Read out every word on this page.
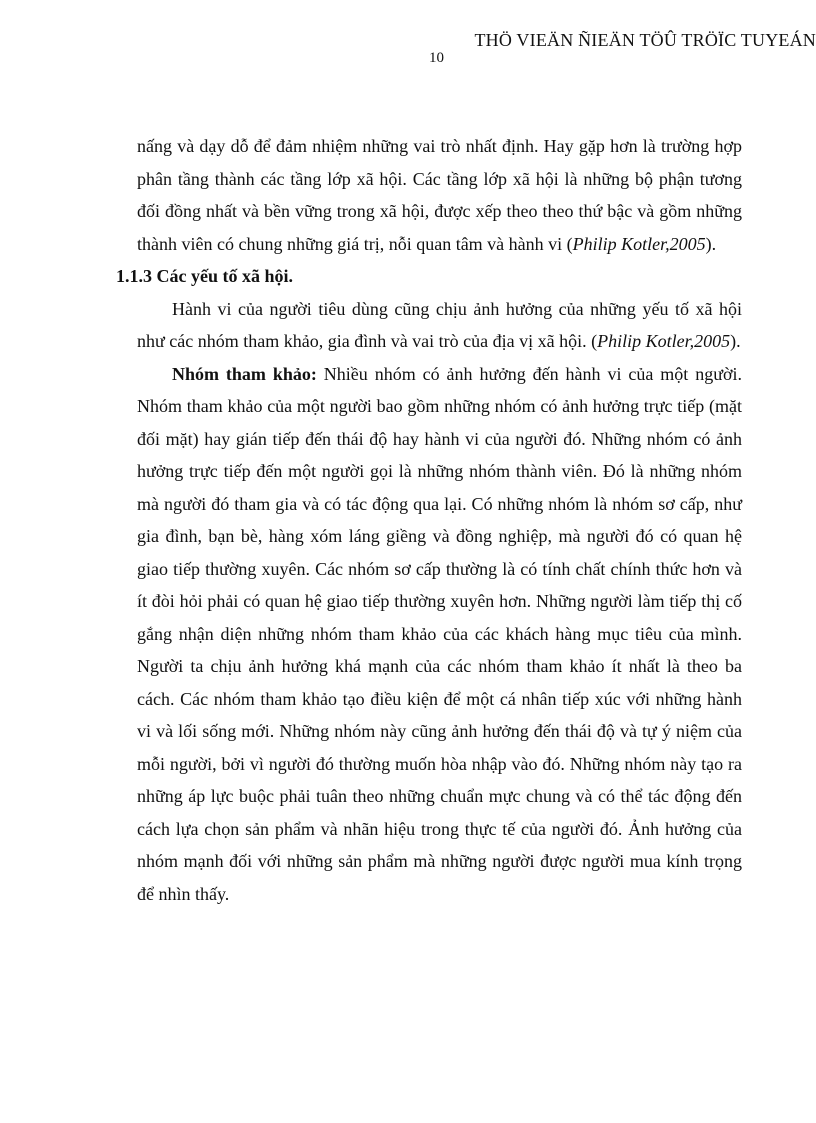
THÖ VIEÄN ÑIEÄN TÖÛ TRÖÏC TUYEÁN
10

nấng và dạy dỗ để đảm nhiệm những vai trò nhất định. Hay gặp hơn là trường hợp phân tầng thành các tầng lớp xã hội. Các tầng lớp xã hội là những bộ phận tương đối đồng nhất và bền vững trong xã hội, được xếp theo theo thứ bậc và gồm những thành viên có chung những giá trị, nỗi quan tâm và hành vi (Philip Kotler,2005).

1.1.3 Các yếu tố xã hội.

Hành vi của người tiêu dùng cũng chịu ảnh hưởng của những yếu tố xã hội như các nhóm tham khảo, gia đình và vai trò của địa vị xã hội. (Philip Kotler,2005).

Nhóm tham khảo: Nhiều nhóm có ảnh hưởng đến hành vi của một người. Nhóm tham khảo của một người bao gồm những nhóm có ảnh hưởng trực tiếp (mặt đối mặt) hay gián tiếp đến thái độ hay hành vi của người đó. Những nhóm có ảnh hưởng trực tiếp đến một người gọi là những nhóm thành viên. Đó là những nhóm mà người đó tham gia và có tác động qua lại. Có những nhóm là nhóm sơ cấp, như gia đình, bạn bè, hàng xóm láng giềng và đồng nghiệp, mà người đó có quan hệ giao tiếp thường xuyên. Các nhóm sơ cấp thường là có tính chất chính thức hơn và ít đòi hỏi phải có quan hệ giao tiếp thường xuyên hơn. Những người làm tiếp thị cố gắng nhận diện những nhóm tham khảo của các khách hàng mục tiêu của mình. Người ta chịu ảnh hưởng khá mạnh của các nhóm tham khảo ít nhất là theo ba cách. Các nhóm tham khảo tạo điều kiện để một cá nhân tiếp xúc với những hành vi và lối sống mới. Những nhóm này cũng ảnh hưởng đến thái độ và tự ý niệm của mỗi người, bởi vì người đó thường muốn hòa nhập vào đó. Những nhóm này tạo ra những áp lực buộc phải tuân theo những chuẩn mực chung và có thể tác động đến cách lựa chọn sản phẩm và nhãn hiệu trong thực tế của người đó. Ảnh hưởng của nhóm mạnh đối với những sản phẩm mà những người được người mua kính trọng để nhìn thấy.
